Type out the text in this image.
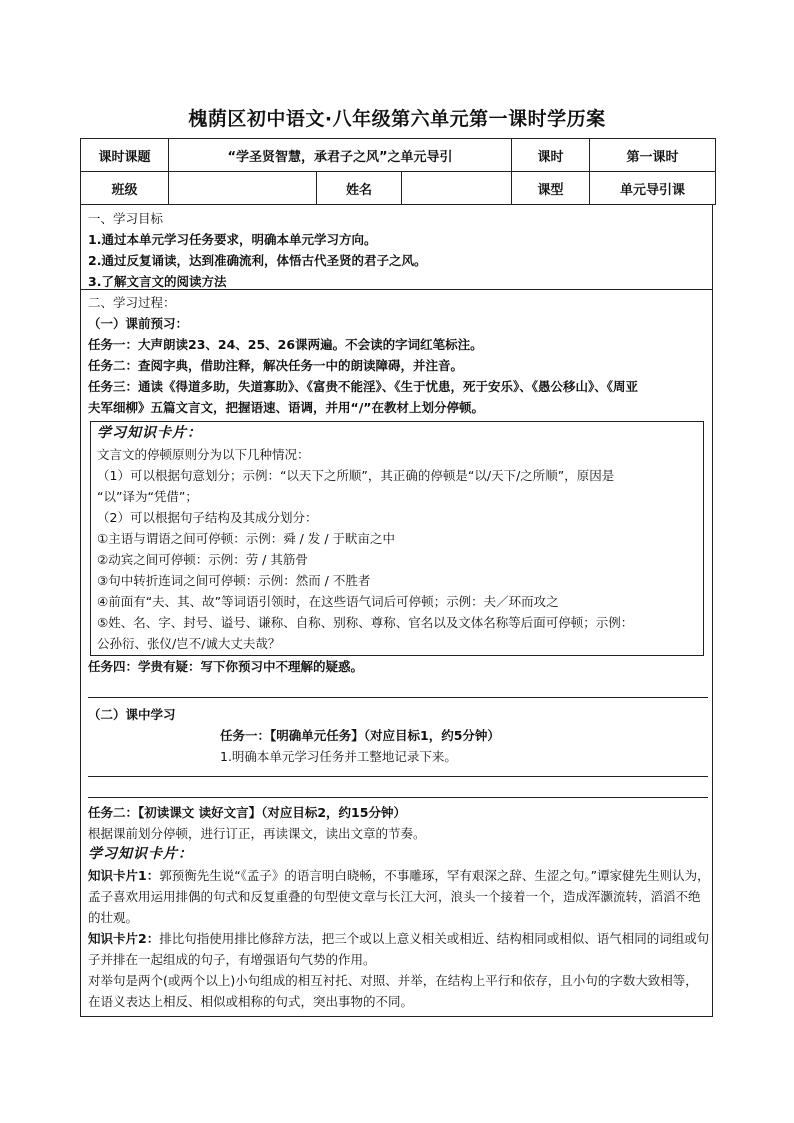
槐荫区初中语文·八年级第六单元第一课时学历案
课时课题	“学圣贤智慧，承君子之风”之单元导引	课时	第一课时
班级		姓名		课型	单元导引课
一、学习目标
1.通过本单元学习任务要求，明确本单元学习方向。
2.通过反复诵读，达到准确流利，体悟古代圣贤的君子之风。
3.了解文言文的阅读方法
二、学习过程：
（一）课前预习：
任务一：大声朗读23、24、25、26课两遍。不会读的字词红笔标注。
任务二：查阅字典，借助注释，解决任务一中的朗读障碍，并注音。
任务三：通读《得道多助，失道寡助》、《富贵不能淫》、《生于忧患，死于安乐》、《愚公移山》、《周亚
夫军细柳》五篇文言文，把握语速、语调，并用“/”在教材上划分停顿。
学习知识卡片：
文言文的停顿原则分为以下几种情况：
（1）可以根据句意划分；示例：“以天下之所顺”，其正确的停顿是“以/天下/之所顺”，原因是
“以”译为“凭借”；
（2）可以根据句子结构及其成分划分：
①主语与谓语之间可停顿：示例：舜 / 发 / 于畎亩之中
②动宾之间可停顿：示例：劳 / 其筋骨
③句中转折连词之间可停顿：示例：然而 / 不胜者
④前面有“夫、其、故”等词语引领时，在这些语气词后可停顿；示例：夫／环而攻之
⑤姓、名、字、封号、谥号、谦称、自称、别称、尊称、官名以及文体名称等后面可停顿；示例：
公孙衍、张仪/岂不/诚大丈夫哉？
任务四：学贵有疑：写下你预习中不理解的疑惑。
（二）课中学习
任务一：【明确单元任务】（对应目标1，约5分钟）
1.明确本单元学习任务并工整地记录下来。
任务二：【初读课文 读好文言】（对应目标2，约15分钟）
根据课前划分停顿，进行订正，再读课文，读出文章的节奏。
学习知识卡片：
知识卡片1：郭预衡先生说“《孟子》的语言明白晓畅，不事雕琢，罕有艰深之辞、生涩之句。”谭家健先生则认为，孟子喜欢用运用排偶的句式和反复重叠的句型使文章与长江大河，浪头一个接着一个，造成浑灏流转，滔滔不绝的壮观。
知识卡片2：排比句指使用排比修辞方法，把三个或以上意义相关或相近、结构相同或相似、语气相同的词组或句子并排在一起组成的句子，有增强语句气势的作用。
对举句是两个(或两个以上)小句组成的相互衬托、对照、并举，在结构上平行和依存，且小句的字数大致相等，在语义表达上相反、相似或相称的句式，突出事物的不同。
